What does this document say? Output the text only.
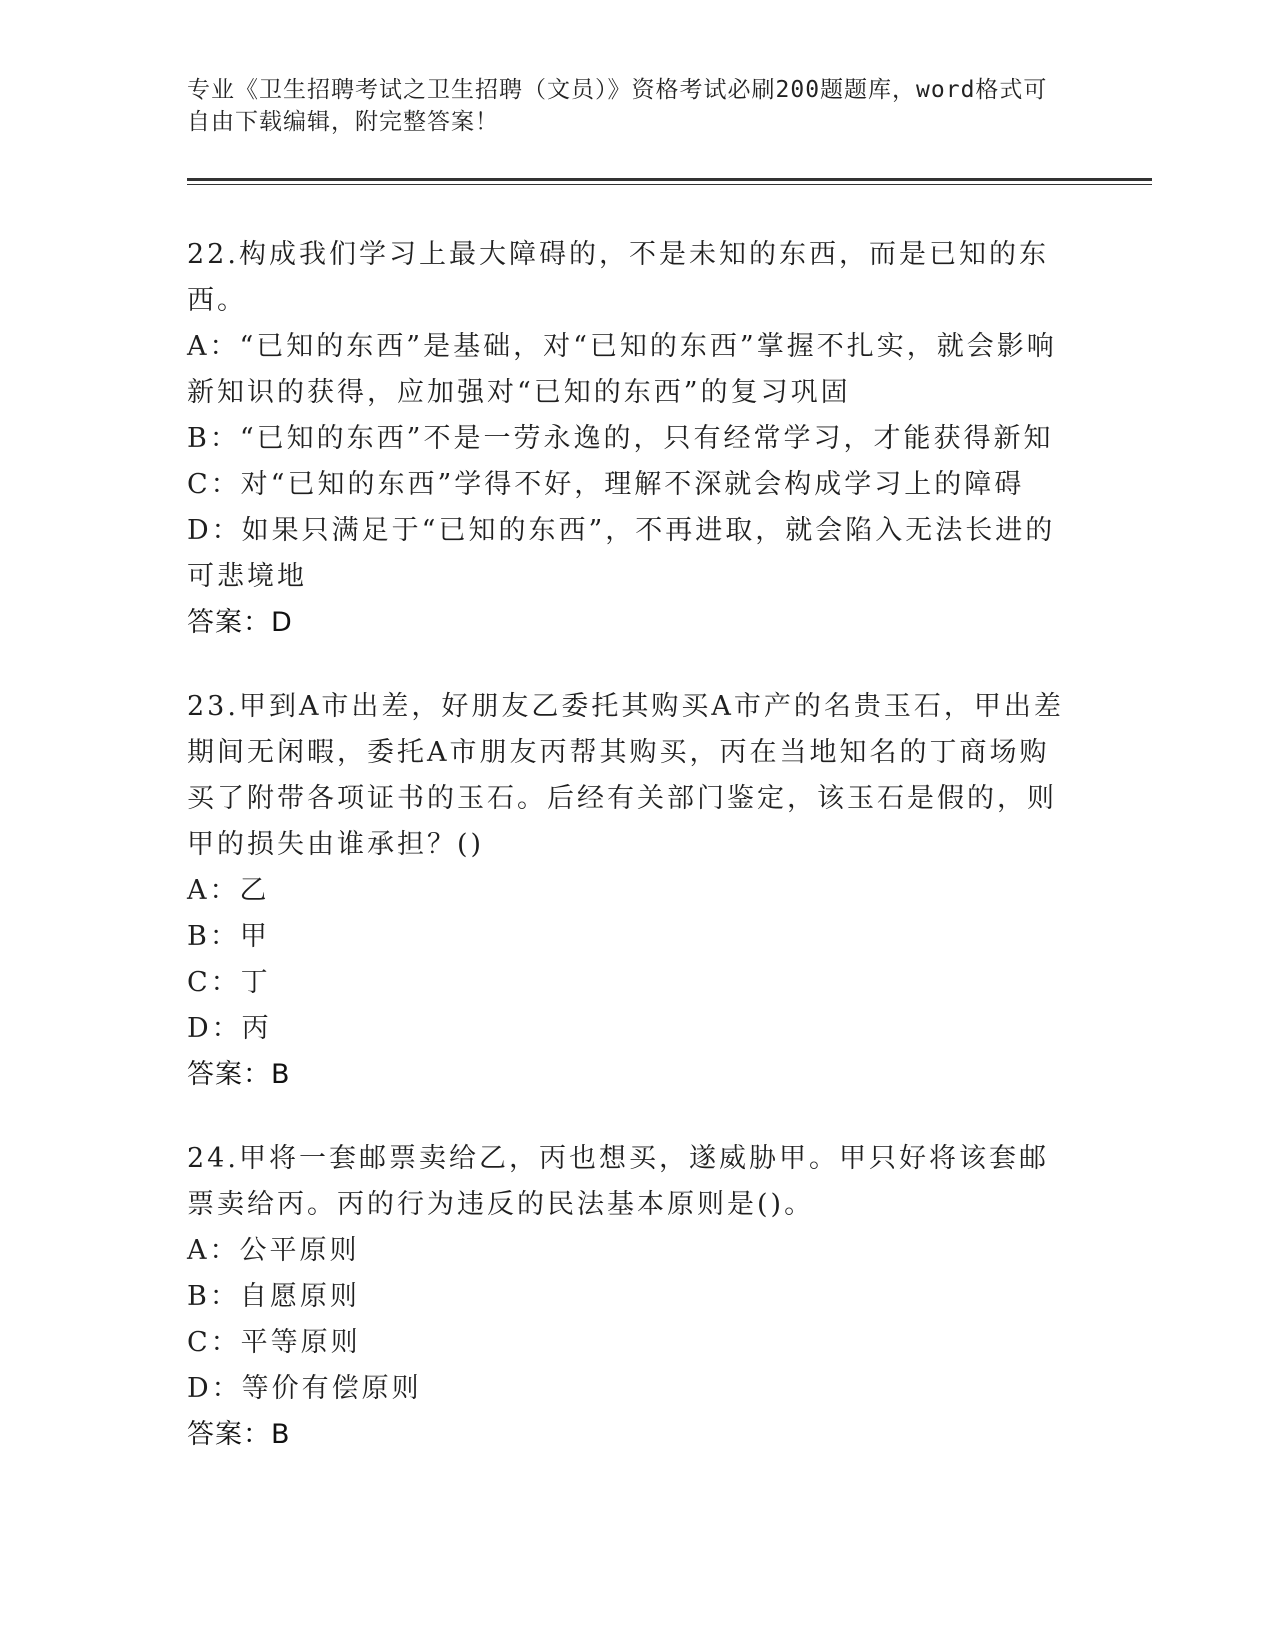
专业《卫生招聘考试之卫生招聘（文员）》资格考试必刷200题题库，word格式可自由下载编辑，附完整答案！

22.构成我们学习上最大障碍的，不是未知的东西，而是已知的东西。

A：“已知的东西”是基础，对“已知的东西”掌握不扎实，就会影响新知识的获得，应加强对“已知的东西”的复习巩固

B：“已知的东西”不是一劳永逸的，只有经常学习，才能获得新知

C：对“已知的东西”学得不好，理解不深就会构成学习上的障碍

D：如果只满足于“已知的东西”，不再进取，就会陷入无法长进的可悲境地

答案：D

23.甲到A市出差，好朋友乙委托其购买A市产的名贵玉石，甲出差期间无闲暇，委托A市朋友丙帮其购买，丙在当地知名的丁商场购买了附带各项证书的玉石。后经有关部门鉴定，该玉石是假的，则甲的损失由谁承担？()

A：乙

B：甲

C：丁

D：丙

答案：B

24.甲将一套邮票卖给乙，丙也想买，遂威胁甲。甲只好将该套邮票卖给丙。丙的行为违反的民法基本原则是()。

A：公平原则

B：自愿原则

C：平等原则

D：等价有偿原则

答案：B
